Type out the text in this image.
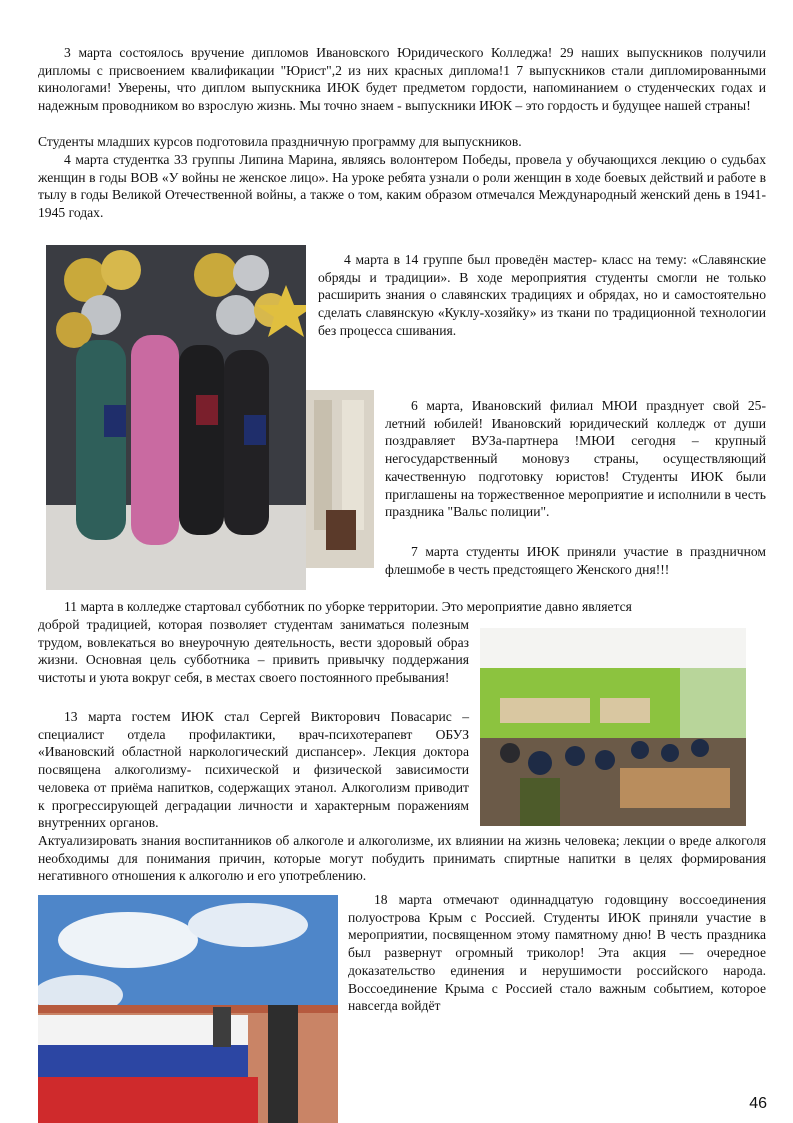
3 марта состоялось вручение дипломов Ивановского Юридического Колледжа! 29 наших выпускников получили дипломы с присвоением квалификации "Юрист",2 из них красных диплома!1 7 выпускников стали дипломированными кинологами! Уверены, что диплом выпускника ИЮК будет предметом гордости, напоминанием о студенческих годах и надежным проводником во взрослую жизнь. Мы точно знаем - выпускники ИЮК – это гордость и будущее нашей страны!

Студенты младших курсов подготовила праздничную программу для выпускников.

4 марта студентка 33 группы Липина Марина, являясь волонтером Победы, провела у обучающихся лекцию о судьбах женщин в годы ВОВ «У войны не женское лицо». На уроке ребята узнали о роли женщин в ходе боевых действий и работе в тылу в годы Великой Отечественной войны, а также о том, каким образом отмечался Международный женский день в 1941-1945 годах.

4 марта в 14 группе был проведён мастер- класс на тему: «Славянские обряды и традиции». В ходе мероприятия студенты смогли не только расширить знания о славянских традициях и обрядах, но и самостоятельно сделать славянскую «Куклу-хозяйку» из ткани по традиционной технологии без процесса сшивания.

6 марта, Ивановский филиал МЮИ празднует свой 25-летний юбилей! Ивановский юридический колледж от души поздравляет ВУЗа-партнера !МЮИ сегодня – крупный негосударственный моновуз страны, осуществляющий качественную подготовку юристов! Студенты ИЮК были приглашены на торжественное мероприятие и исполнили в честь праздника "Вальс полиции".

7 марта студенты ИЮК приняли участие в праздничном флешмобе в честь предстоящего Женского дня!!!

11 марта в колледже стартовал субботник по уборке территории. Это мероприятие давно является

доброй традицией, которая позволяет студентам заниматься полезным трудом, вовлекаться во внеурочную деятельность, вести здоровый образ жизни. Основная цель субботника – привить привычку поддержания чистоты и уюта вокруг себя, в местах своего постоянного пребывания!

13 марта гостем ИЮК стал Сергей Викторович Повасарис – специалист отдела профилактики, врач-психотерапевт ОБУЗ «Ивановский областной наркологический диспансер». Лекция доктора посвящена алкоголизму- психической и физической зависимости человека от приёма напитков, содержащих этанол. Алкоголизм приводит к прогрессирующей деградации личности и характерным поражениям внутренних органов.

Актуализировать знания воспитанников об алкоголе и алкоголизме, их влиянии на жизнь человека; лекции о вреде алкоголя необходимы для понимания причин, которые могут побудить принимать спиртные напитки в целях формирования негативного отношения к алкоголю и его употреблению.

18 марта отмечают одиннадцатую годовщину воссоединения полуострова Крым с Россией. Студенты ИЮК приняли участие в мероприятии, посвященном этому памятному дню! В честь праздника был развернут огромный триколор! Эта акция — очередное доказательство единения и нерушимости российского народа. Воссоединение Крыма с Россией стало важным событием, которое навсегда войдёт

46
